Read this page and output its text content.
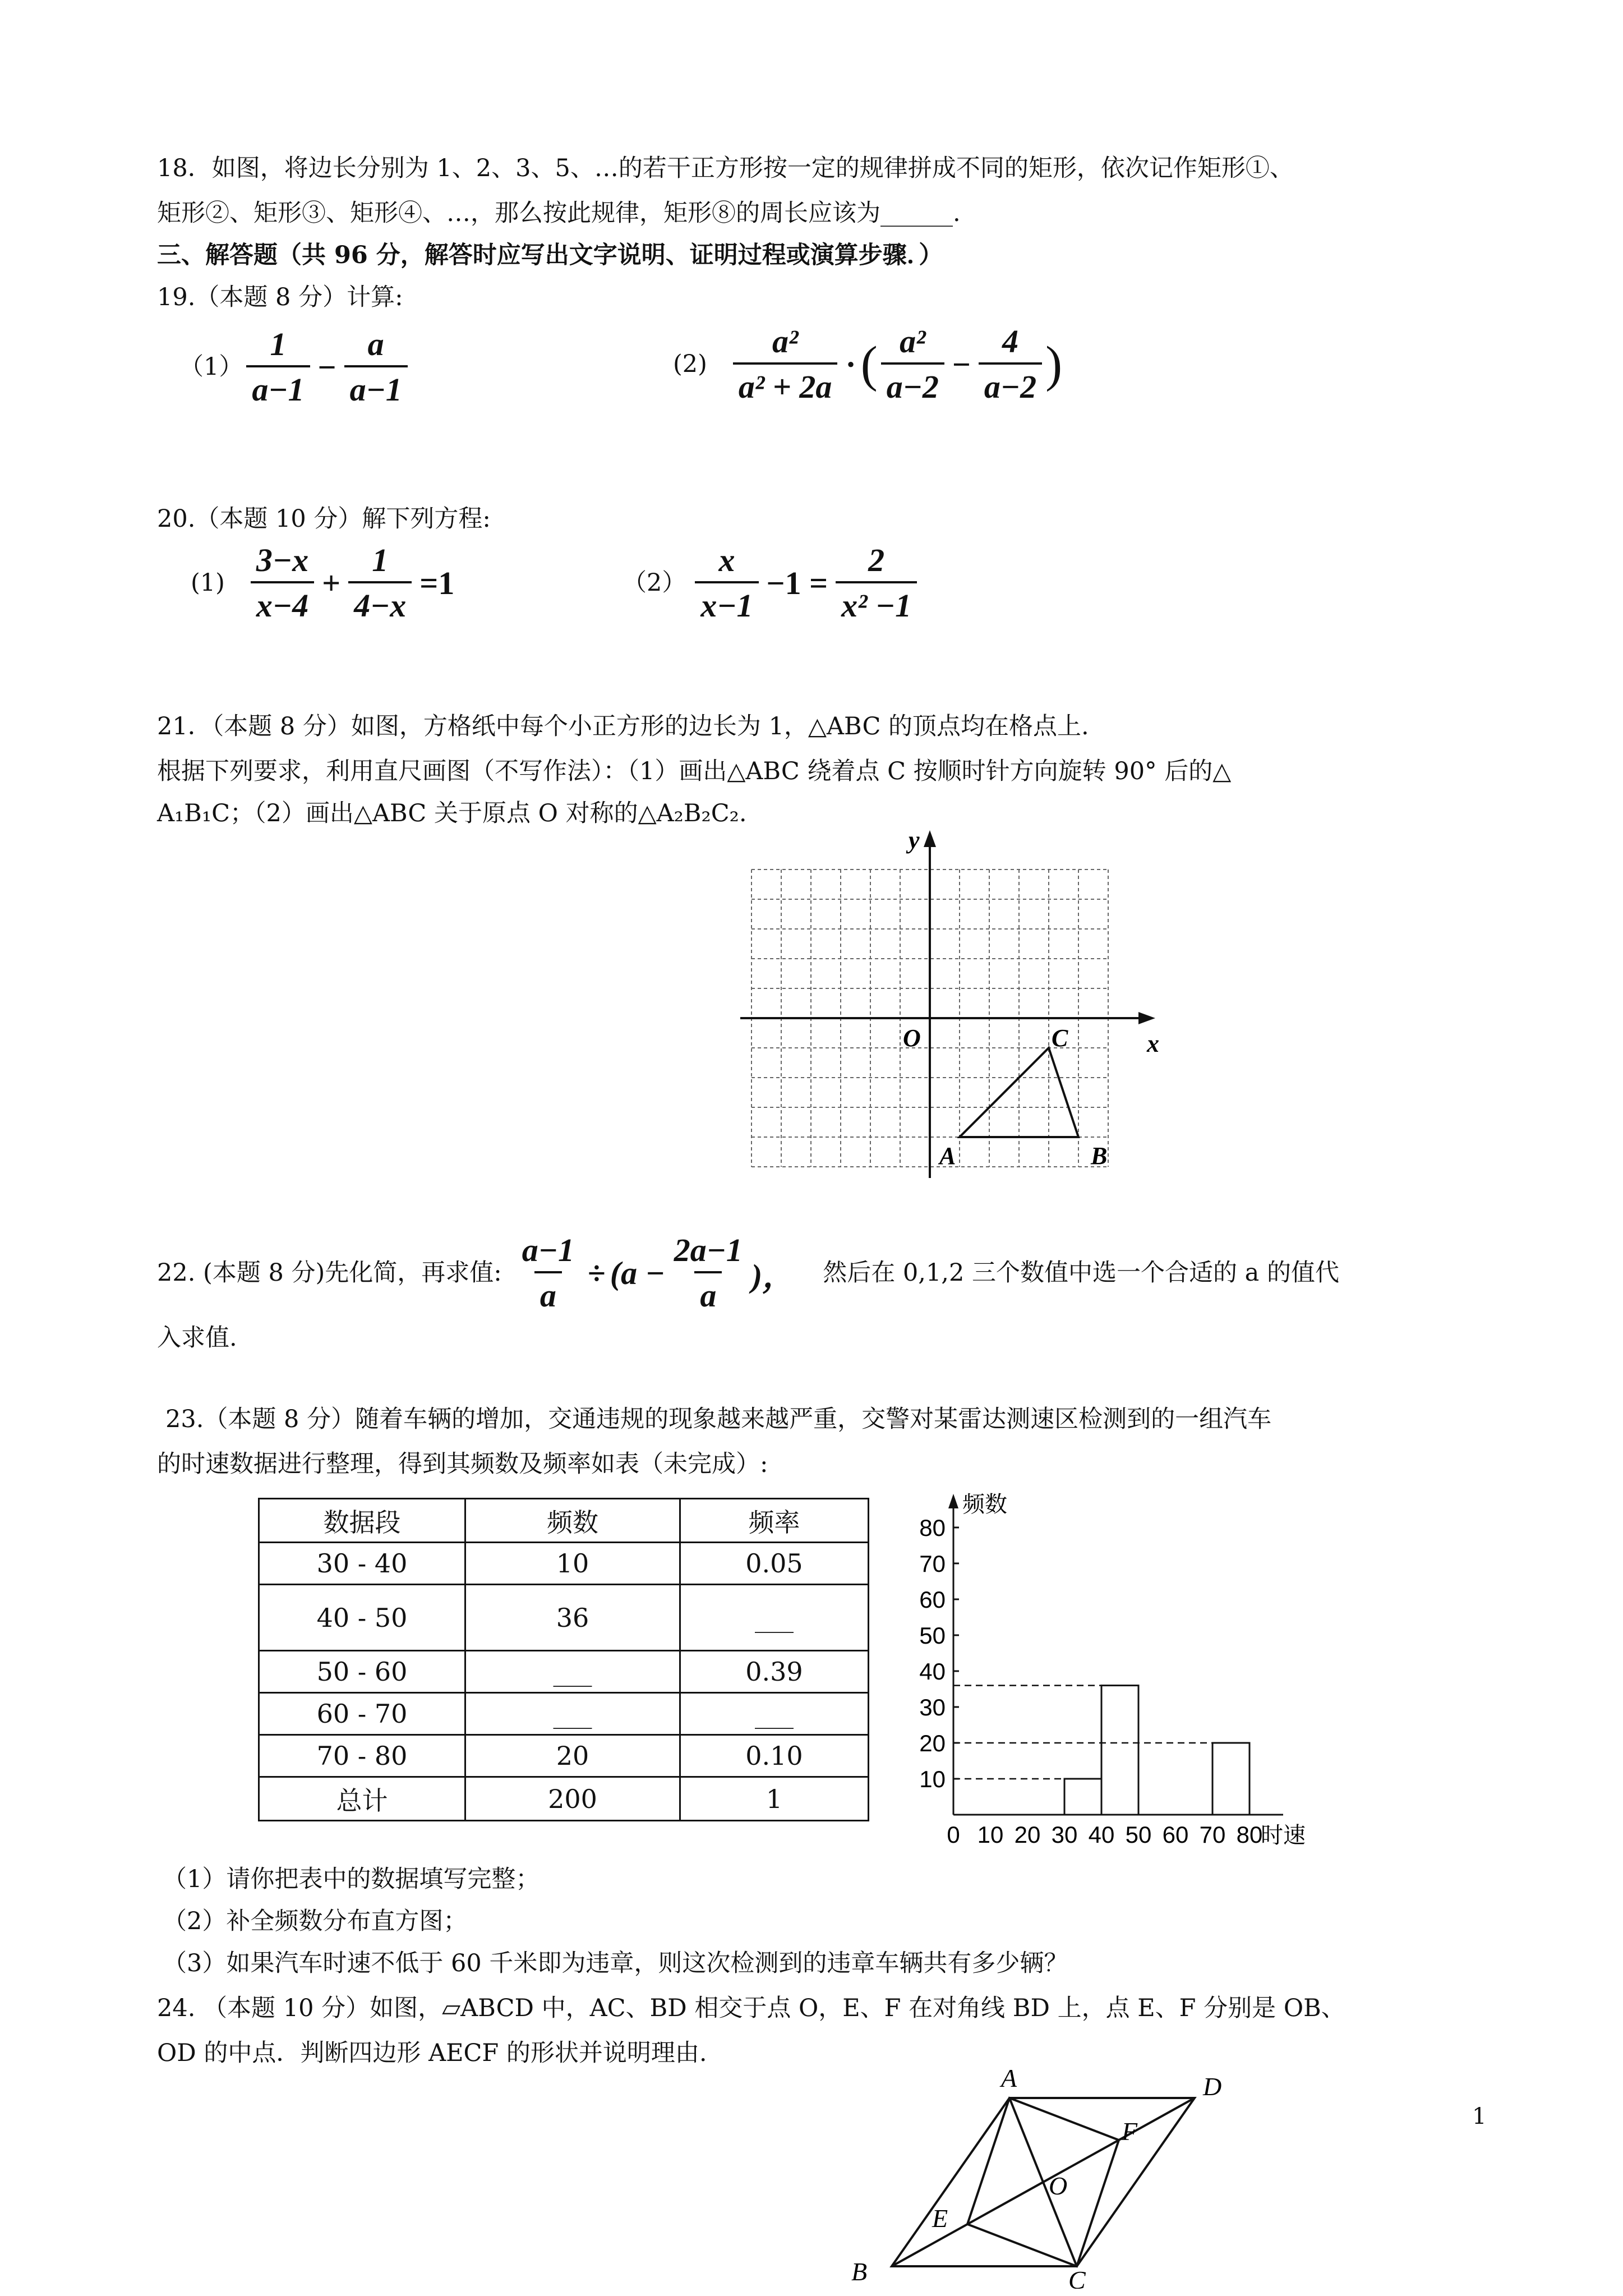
18．如图，将边长分别为 1、2、3、5、…的若干正方形按一定的规律拼成不同的矩形，依次记作矩形①、
矩形②、矩形③、矩形④、…，那么按此规律，矩形⑧的周长应该为______.
三、解答题（共 96 分，解答时应写出文字说明、证明过程或演算步骤．）
19.（本题 8 分）计算:
$(1) \frac{1}{a-1} - \frac{a}{a-1}$	$(2) \frac{\text{a²}}{\text{a² + 2a}}$ · ( $\frac{\text{a²}}{a-2} - \frac{4}{a-2}$ )
20.（本题 10 分）解下列方程:
$(1) \frac{3-x}{x-4} + \frac{1}{4-x} =1$	$(2) \frac{x}{x-1} -1 = \frac{2}{\text{x² −1}}$
21．（本题 8 分）如图，方格纸中每个小正方形的边长为 1，△ABC 的顶点均在格点上.
根据下列要求，利用直尺画图（不写作法）：（1）画出△ABC 绕着点 C 按顺时针方向旋转 90° 后的△
A₁B₁C；（2）画出△ABC 关于原点 O 对称的△A₂B₂C₂.
y
x
O	C
A	B
22. (本题 8 分)先化简，再求值: $\frac{a-1}{a} \div (a - \frac{2a-1}{a}$ )， 然后在 0,1,2 三个数值中选一个合适的 a 的值代
入求值.
23.（本题 8 分）随着车辆的增加，交通违规的现象越来越严重，交警对某雷达测速区检测到的一组汽车
的时速数据进行整理，得到其频数及频率如表（未完成）:
数据段	频数	频率
30 - 40	10	0.05
40 - 50	36	___
50 - 60	___	0.39
60 - 70	___	___
70 - 80	20	0.10
总计	200	1
10
20
30
40
50
60
70
80
0 10 20 30 40 50 60 70 80
时速
频数
（1）请你把表中的数据填写完整；
（2）补全频数分布直方图；
（3）如果汽车时速不低于 60 千米即为违章，则这次检测到的违章车辆共有多少辆？
24. （本题 10 分）如图，▱ABCD 中，AC、BD 相交于点 O，E、F 在对角线 BD 上，点 E、F 分别是 OB、
OD 的中点．判断四边形 AECF 的形状并说明理由.
A	D
F
O
E
B	C
1
